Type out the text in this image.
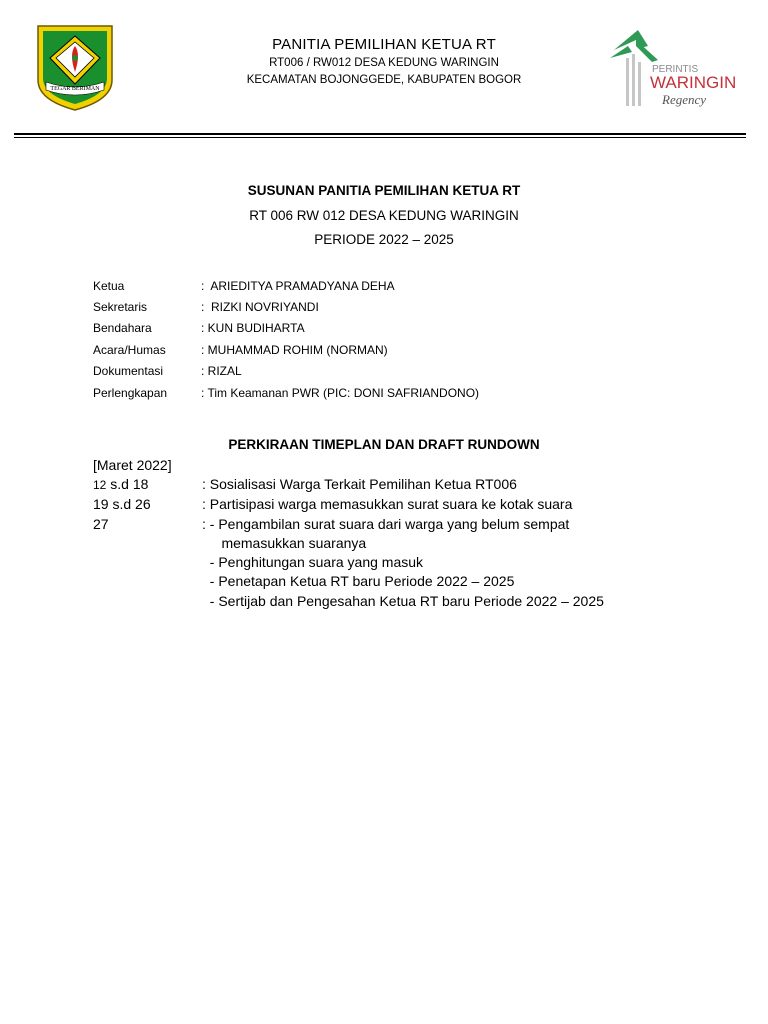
TEGAR BERIMAN
PANITIA PEMILIHAN KETUA RT
RT006 / RW012 DESA KEDUNG WARINGIN
KECAMATAN BOJONGGEDE, KABUPATEN BOGOR
PERINTIS
WARINGIN
Regency
SUSUNAN PANITIA PEMILIHAN KETUA RT
RT 006 RW 012 DESA KEDUNG WARINGIN
PERIODE 2022 – 2025
Ketua	:  ARIEDITYA PRAMADYANA DEHA
Sekretaris	:  RIZKI NOVRIYANDI
Bendahara	: KUN BUDIHARTA
Acara/Humas	: MUHAMMAD ROHIM (NORMAN)
Dokumentasi	: RIZAL
Perlengkapan	: Tim Keamanan PWR (PIC: DONI SAFRIANDONO)
PERKIRAAN TIMEPLAN DAN DRAFT RUNDOWN
[Maret 2022]
12 s.d 18	: Sosialisasi Warga Terkait Pemilihan Ketua RT006
19 s.d 26	: Partisipasi warga memasukkan surat suara ke kotak suara
27	: - Pengambilan surat suara dari warga yang belum sempat
memasukkan suaranya
- Penghitungan suara yang masuk
- Penetapan Ketua RT baru Periode 2022 – 2025
- Sertijab dan Pengesahan Ketua RT baru Periode 2022 – 2025
